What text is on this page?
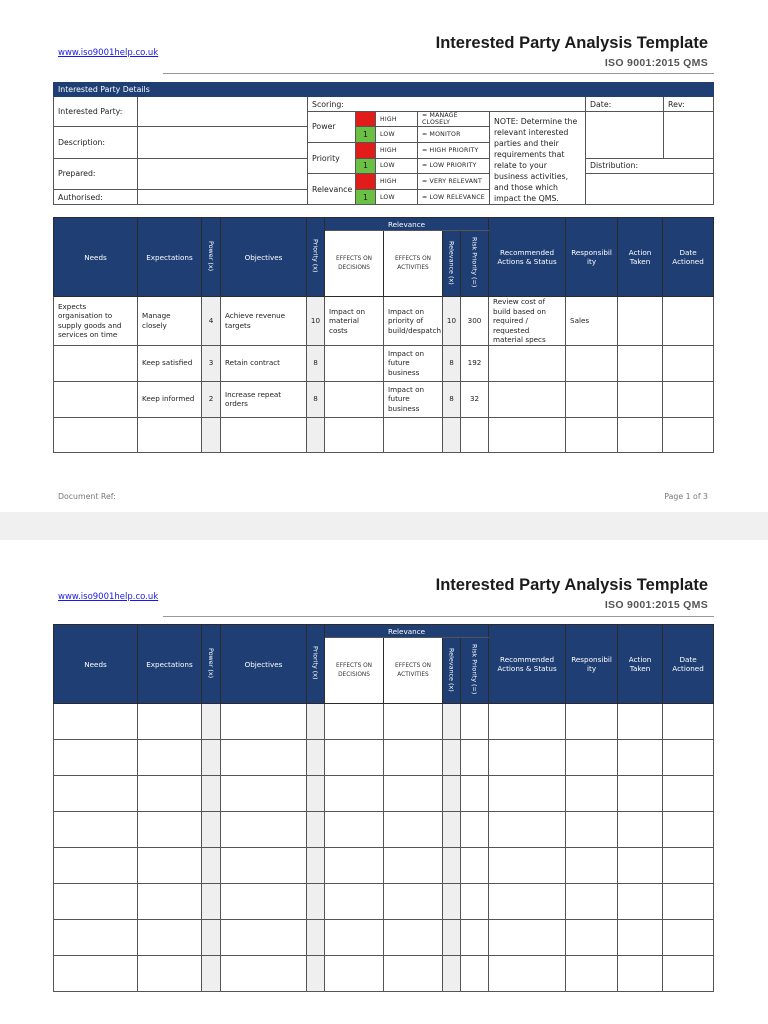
www.iso9001help.co.uk
Interested Party Analysis Template
ISO 9001:2015 QMS
Interested Party Details								
Interested Party:		Scoring:					Date:	Rev:
		Power	10	HIGH	= MANAGE CLOSELY	NOTE: Determine the relevant interested parties and their requirements that relate to your business activities, and those which impact the QMS.		
Description:			1	LOW	= MONITOR			
		Priority	10	HIGH	= HIGH PRIORITY			
Prepared:			1	LOW	= LOW PRIORITY		Distribution:	
		Relevance	10	HIGH	= VERY RELEVANT			
Authorised:			1	LOW	= LOW RELEVANCE			
Needs	Expectations	Power (x)	Objectives	Priority (x)	Relevance				Recommended Actions & Status	Responsibil ity	Action Taken	Date Actioned
					EFFECTS ON DECISIONS	EFFECTS ON ACTIVITIES	Relevance (x)	Risk Priority (=)				
Expects organisation to supply goods and services on time	Manage closely	4	Achieve revenue targets	10	Impact on material costs	Impact on priority of build/despatch	10	300	Review cost of build based on required / requested material specs	Sales		
	Keep satisfied	3	Retain contract	8		Impact on future business	8	192				
	Keep informed	2	Increase repeat orders	8		Impact on future business	8	32				

Document Ref:	Page 1 of 3
www.iso9001help.co.uk
Interested Party Analysis Template
ISO 9001:2015 QMS
Needs	Expectations	Power (x)	Objectives	Priority (x)	Relevance				Recommended Actions & Status	Responsibil ity	Action Taken	Date Actioned
					EFFECTS ON DECISIONS	EFFECTS ON ACTIVITIES	Relevance (x)	Risk Priority (=)				
